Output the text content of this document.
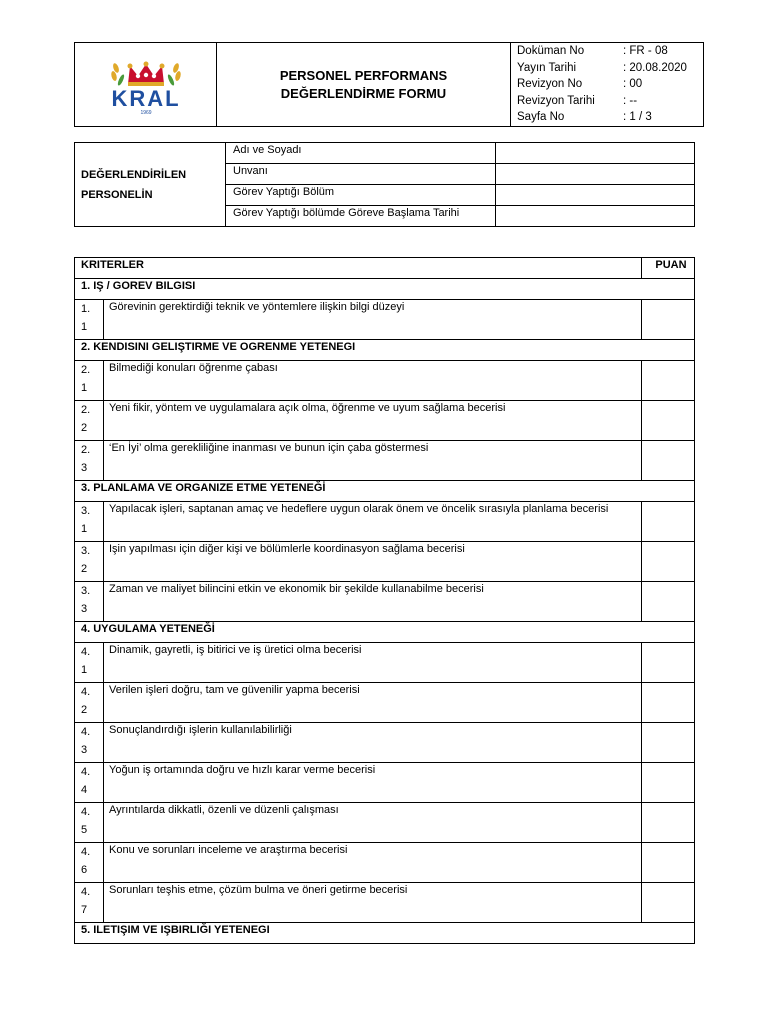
KRAL
1969

PERSONEL PERFORMANS
DEĞERLENDİRME FORMU

Doküman No	: FR - 08
Yayın Tarihi	: 20.08.2020
Revizyon No	: 00
Revizyon Tarihi	: --
Sayfa No	: 1 / 3
DEĞERLENDİRİLEN
PERSONELİN	Adı ve Soyadı	
	Unvanı	
	Görev Yaptığı Bölüm	
	Görev Yaptığı bölümde Göreve Başlama Tarihi	
KRITERLER		PUAN
1. IŞ / GOREV BILGISI		

1.
1	Görevinin gerektirdiği teknik ve yöntemlere ilişkin bilgi düzeyi	
2. KENDISINI GELIŞTIRME VE OGRENME YETENEGI		

2.
1	Bilmediği konuları öğrenme çabası	

2.
2	Yeni fikir, yöntem ve uygulamalara açık olma, öğrenme ve uyum sağlama becerisi	

2.
3	‘En İyi’ olma gerekliliğine inanması ve bunun için çaba göstermesi	
3. PLANLAMA VE ORGANIZE ETME YETENEĞİ		

3.
1	Yapılacak işleri, saptanan amaç ve hedeflere uygun olarak önem ve öncelik sırasıyla planlama becerisi	

3.
2	Işin yapılması için diğer kişi ve bölümlerle koordinasyon sağlama becerisi	

3.
3	Zaman ve maliyet bilincini etkin ve ekonomik bir şekilde kullanabilme becerisi	
4. UYGULAMA YETENEĞİ		

4.
1	Dinamik, gayretli, iş bitirici ve iş üretici olma becerisi	

4.
2	Verilen işleri doğru, tam ve güvenilir yapma becerisi	

4.
3	Sonuçlandırdığı işlerin kullanılabilirliği	

4.
4	Yoğun iş ortamında doğru ve hızlı karar verme becerisi	

4.
5	Ayrıntılarda dikkatli, özenli ve düzenli çalışması	

4.
6	Konu ve sorunları inceleme ve araştırma becerisi	

4.
7	Sorunları teşhis etme, çözüm bulma ve öneri getirme becerisi	
5. ILETIŞIM VE IŞBIRLIĞI YETENEGI		
